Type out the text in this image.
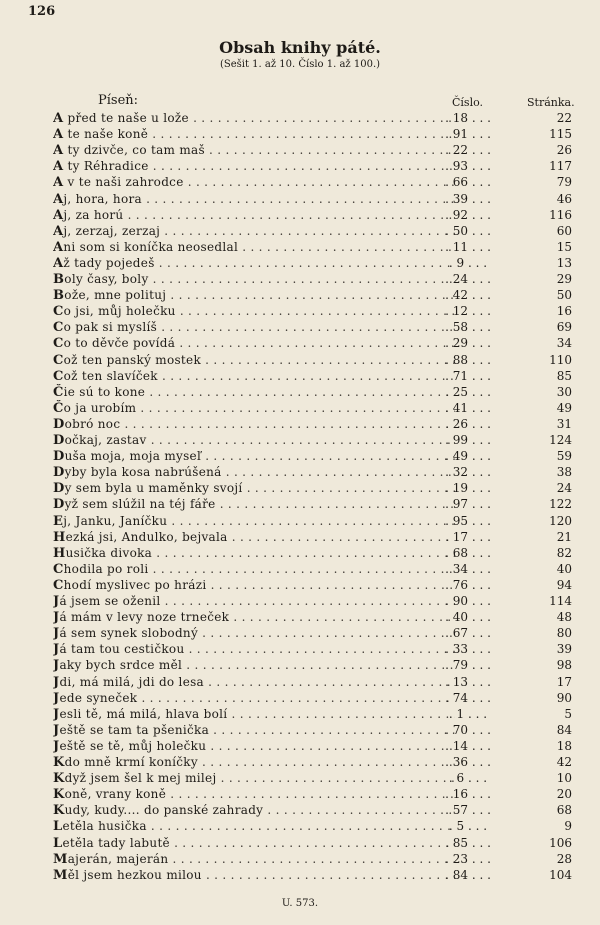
126
Obsah knihy páté.
(Sešit 1. až 10. Číslo 1. až 100.)
Píseň:	Číslo.	Stránka.
A před te naše u lože . . .	. 18 . . .	22
A te naše koně . . .	. 91 . . .	115
A ty dzivče, co tam maš . . .	. 22 . . .	26
A ty Réhradice . . .	. 93 . . .	117
A v te naši zahrodce . . .	. 66 . . .	79
Aj, hora, hora . . .	. 39 . . .	46
Aj, za horú . . .	. 92 . . .	116
Aj, zerzaj, zerzaj . . .	. 50 . . .	60
Ani som si koníčka neosedlal . . .	. 11 . . .	15
Až tady pojedeš . . .	. 9 . . .	13
Boly časy, boly . . .	. 24 . . .	29
Bože, mne polituj . . .	. 42 . . .	50
Co jsi, můj holečku . . .	. 12 . . .	16
Co pak si myslíš . . .	. 58 . . .	69
Co to děvče povídá . . .	. 29 . . .	34
Což ten panský mostek . . .	. 88 . . .	110
Což ten slavíček . . .	. 71 . . .	85
Čie sú to kone . . .	. 25 . . .	30
Čo ja urobím . . .	. 41 . . .	49
Dobró noc . . .	. 26 . . .	31
Dočkaj, zastav . . .	. 99 . . .	124
Duša moja, moja myseľ . . .	. 49 . . .	59
Dyby byla kosa nabrúšená . . .	. 32 . . .	38
Dy sem byla u maměnky svojí . . .	. 19 . . .	24
Dyž sem slúžil na téj fáře . . .	. 97 . . .	122
Ej, Janku, Janíčku . . .	. 95 . . .	120
Hezká jsi, Andulko, bejvala . . .	. 17 . . .	21
Husička divoka . . .	. 68 . . .	82
Chodila po roli . . .	. 34 . . .	40
Chodí myslivec po hrázi . . .	. 76 . . .	94
Já jsem se oženil . . .	. 90 . . .	114
Já mám v levy noze trneček . . .	. 40 . . .	48
Já sem synek slobodný . . .	. 67 . . .	80
Já tam tou cestičkou . . .	. 33 . . .	39
Jaky bych srdce měl . . .	. 79 . . .	98
Jdi, má milá, jdi do lesa . . .	. 13 . . .	17
Jede syneček . . .	. 74 . . .	90
Jesli tě, má milá, hlava bolí . . .	. 1 . . .	5
Ještě se tam ta pšenička . . .	. 70 . . .	84
Ještě se tě, můj holečku . . .	. 14 . . .	18
Kdo mně krmí koníčky . . .	. 36 . . .	42
Když jsem šel k mej milej . . .	. 6 . . .	10
Koně, vrany koně . . .	. 16 . . .	20
Kudy, kudy.... do panské zahrady . . .	. 57 . . .	68
Letěla husička . . .	. 5 . . .	9
Letěla tady labutě . . .	. 85 . . .	106
Majerán, majerán . . .	. 23 . . .	28
Měl jsem hezkou milou . . .	. 84 . . .	104
U. 573.
